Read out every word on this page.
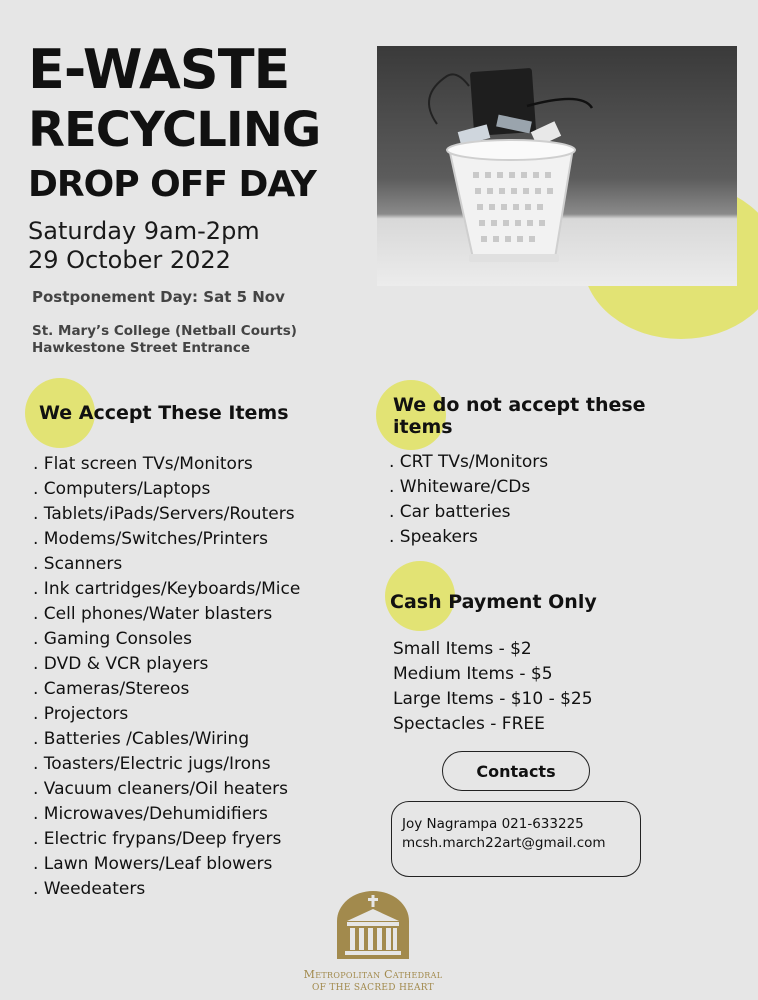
E-WASTE
RECYCLING
DROP OFF DAY
Saturday 9am-2pm
29 October 2022
Postponement Day: Sat 5 Nov
St. Mary’s College (Netball Courts)
Hawkestone Street Entrance
We Accept These Items
. Flat screen TVs/Monitors
. Computers/Laptops
. Tablets/iPads/Servers/Routers
. Modems/Switches/Printers
. Scanners
. Ink cartridges/Keyboards/Mice
. Cell phones/Water blasters
. Gaming Consoles
. DVD & VCR players
. Cameras/Stereos
. Projectors
. Batteries /Cables/Wiring
. Toasters/Electric jugs/Irons
. Vacuum cleaners/Oil heaters
. Microwaves/Dehumidifiers
. Electric frypans/Deep fryers
. Lawn Mowers/Leaf blowers
. Weedeaters
We do not accept these
items
. CRT TVs/Monitors
. Whiteware/CDs
. Car batteries
. Speakers
Cash Payment Only
Small Items - $2
Medium Items - $5
Large Items - $10 - $25
Spectacles - FREE
Contacts
Joy Nagrampa 021-633225
mcsh.march22art@gmail.com
Metropolitan Cathedral
OF THE SACRED HEART
